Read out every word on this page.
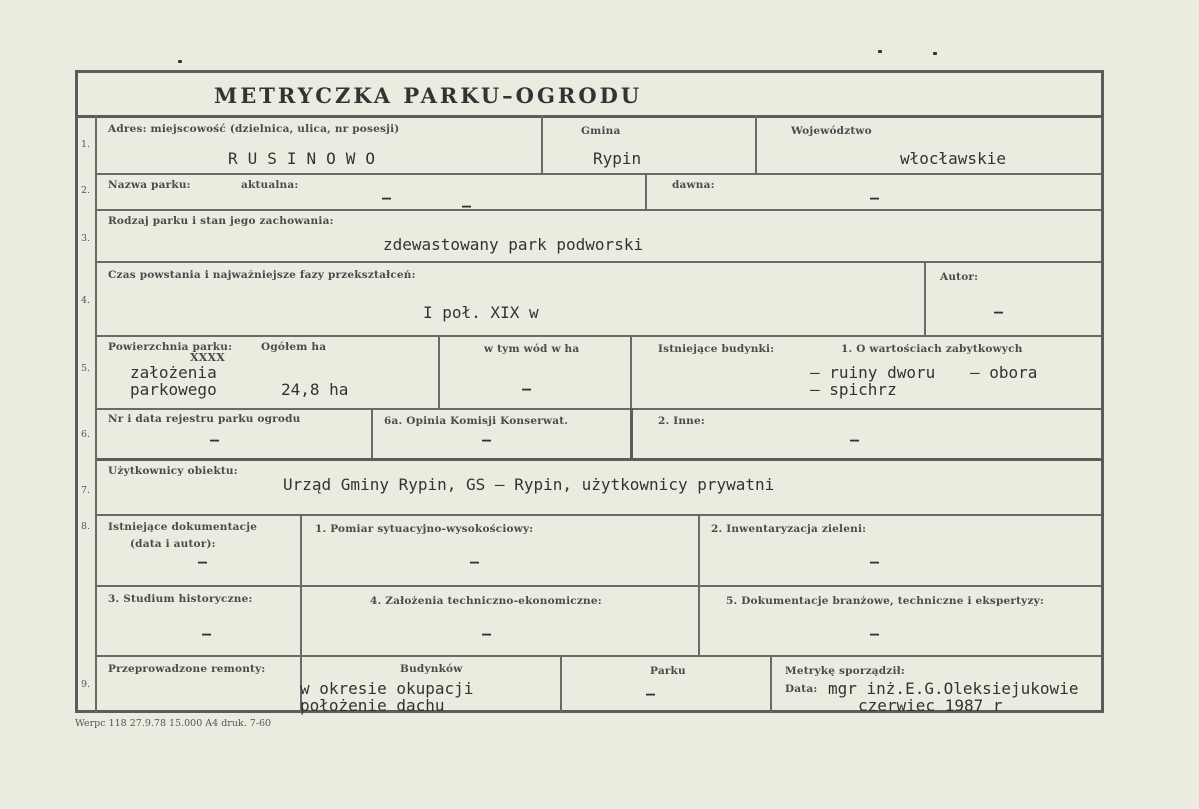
METRYCZKA PARKU–OGRODU
1.
Adres: miejscowość (dzielnica, ulica, nr posesji)
RUSINOWO
Gmina
Rypin
Województwo
włocławskie
2. Nazwa parku:	aktualna:
–	–
dawna:
–
3.
Rodzaj parku i stan jego zachowania:
zdewastowany park podworski
4.
Czas powstania i najważniejsze fazy przekształceń:
I poł. XIX w
Autor:
–
5.
Powierzchnia parku:
XXXX
Ogółem ha
założenia
parkowego	24,8 ha
w tym wód w ha
–
Istniejące budynki:	1. O wartościach zabytkowych
– ruiny dworu – obora
– spichrz
6.
Nr i data rejestru parku ogrodu
–
6a. Opinia Komisji Konserwat.
–
2. Inne:
–
7.
Użytkownicy obiektu:
Urząd Gminy Rypin, GS – Rypin, użytkownicy prywatni
8. Istniejące dokumentacje
(data i autor):
–
1. Pomiar sytuacyjno-wysokościowy:
–
2. Inwentaryzacja zieleni:
–
3. Studium historyczne:
–
4. Założenia techniczno-ekonomiczne:
–
5. Dokumentacje branżowe, techniczne i ekspertyzy:
–
9.
Przeprowadzone remonty:	Budynków
w okresie okupacji
położenie dachu
Parku
–
Metrykę sporządził:
Data: mgr inż.E.G.Oleksiejukowie
czerwiec 1987 r
Werpc 118 27.9.78 15.000 A4 druk. 7-60
